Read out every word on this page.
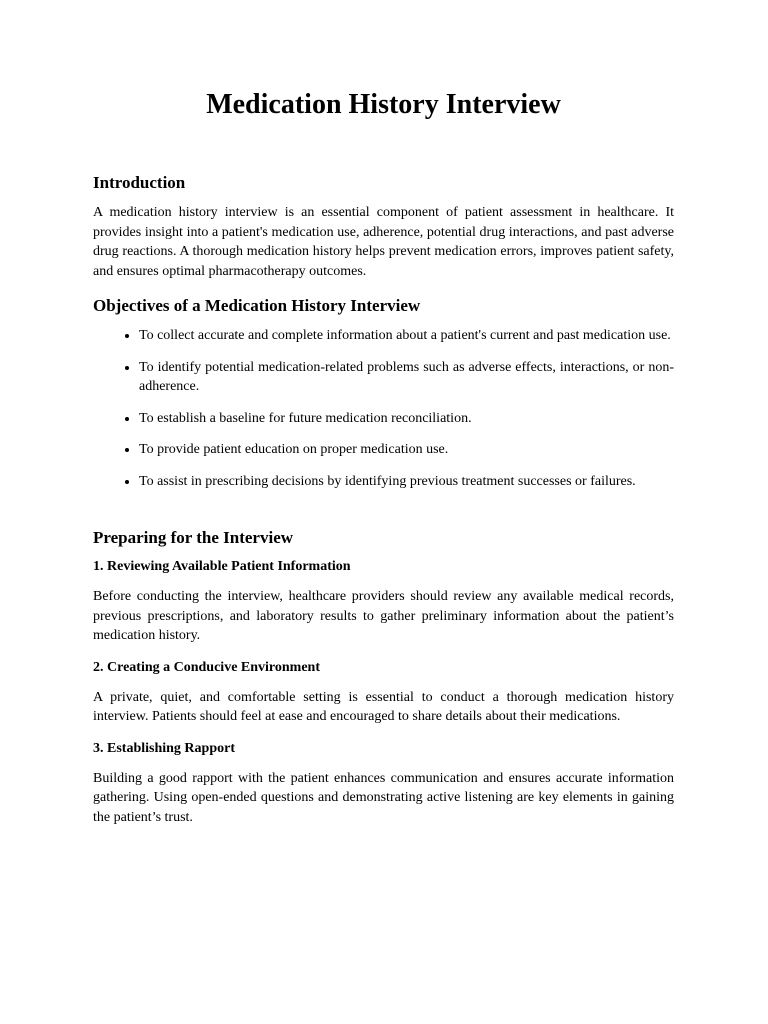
Medication History Interview
Introduction

A medication history interview is an essential component of patient assessment in healthcare. It provides insight into a patient's medication use, adherence, potential drug interactions, and past adverse drug reactions. A thorough medication history helps prevent medication errors, improves patient safety, and ensures optimal pharmacotherapy outcomes.

Objectives of a Medication History Interview
• To collect accurate and complete information about a patient's current and past medication use.
• To identify potential medication-related problems such as adverse effects, interactions, or non-adherence.
• To establish a baseline for future medication reconciliation.
• To provide patient education on proper medication use.
• To assist in prescribing decisions by identifying previous treatment successes or failures.
Preparing for the Interview
1. Reviewing Available Patient Information

Before conducting the interview, healthcare providers should review any available medical records, previous prescriptions, and laboratory results to gather preliminary information about the patient’s medication history.

2. Creating a Conducive Environment

A private, quiet, and comfortable setting is essential to conduct a thorough medication history interview. Patients should feel at ease and encouraged to share details about their medications.

3. Establishing Rapport

Building a good rapport with the patient enhances communication and ensures accurate information gathering. Using open-ended questions and demonstrating active listening are key elements in gaining the patient’s trust.
